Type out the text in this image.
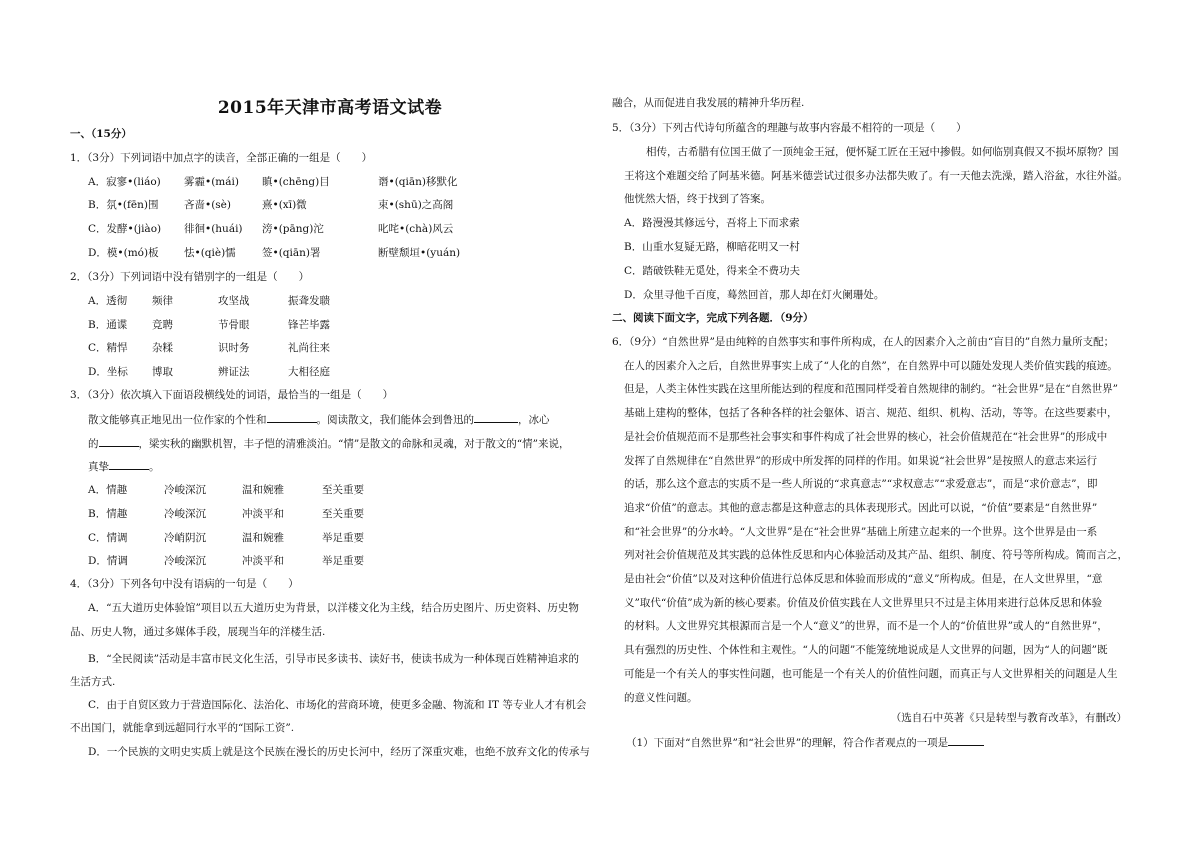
2015年天津市高考语文试卷
一、（15分）
1．（3分）下列词语中加点字的读音，全部正确的一组是（　　）
A．寂寥•(liáo) 雾霾•(mái) 瞋•(chēng)目	谮•(qiān)移默化
B．氛•(fēn)围 吝啬•(sè)	熹•(xī)微	束•(shū)之高阁
C．发酵•(jiào) 徘徊•(huái) 滂•(pāng)沱	叱咤•(chà)风云
D．模•(mó)板 怯•(qiè)懦	签•(qiān)署	断壁颓垣•(yuán)
2．（3分）下列词语中没有错别字的一组是（　　）
A．透彻 频律	攻坚战	振聋发聩
B．通谍 竞聘	节骨眼	锋芒毕露
C．精悍 杂糅	识时务	礼尚往来
D．坐标 博取	辨证法	大相径庭
3．（3分）依次填入下面语段横线处的词语，最恰当的一组是（　　）
散文能够真正地见出一位作家的个性和	。阅读散文，我们能体会到鲁迅的	，冰心
的	，梁实秋的幽默机智，丰子恺的清雅淡泊。“情”是散文的命脉和灵魂，对于散文的“情”来说，
真挚	。
A．情趣	冷峻深沉	温和婉雅	至关重要
B．情趣	冷峻深沉	冲淡平和	至关重要
C．情调	冷峭阴沉	温和婉雅	举足重要
D．情调	冷峻深沉	冲淡平和	举足重要
4．（3分）下列各句中没有语病的一句是（　　）
A．“五大道历史体验馆”项目以五大道历史为背景，以洋楼文化为主线，结合历史图片、历史资料、历史物
品、历史人物，通过多媒体手段，展现当年的洋楼生活.
B．“全民阅读”活动是丰富市民文化生活，引导市民多读书、读好书，使读书成为一种体现百姓精神追求的
生活方式.
C．由于自贸区致力于营造国际化、法治化、市场化的营商环境，使更多金融、物流和 IT 等专业人才有机会
不出国门，就能拿到远超同行水平的“国际工资”.
D．一个民族的文明史实质上就是这个民族在漫长的历史长河中，经历了深重灾难，也绝不放弃文化的传承与
融合，从而促进自我发展的精神升华历程.
5．（3分）下列古代诗句所蕴含的理趣与故事内容最不相符的一项是（　　）
相传，古希腊有位国王做了一顶纯金王冠，便怀疑工匠在王冠中掺假。如何临别真假又不损坏原物？国
王将这个难题交给了阿基米德。阿基米德尝试过很多办法都失败了。有一天他去洗澡，踏入浴盆，水往外溢。
他恍然大悟，终于找到了答案。
A．路漫漫其修远兮，吾将上下而求索
B．山重水复疑无路，柳暗花明又一村
C．踏破铁鞋无觅处，得来全不费功夫
D．众里寻他千百度，蓦然回首，那人却在灯火阑珊处。
二、阅读下面文字，完成下列各题．（9分）
6．（9分）“自然世界”是由纯粹的自然事实和事件所构成，在人的因素介入之前由“盲目的”自然力量所支配；
在人的因素介入之后，自然世界事实上成了“人化的自然”，在自然界中可以随处发现人类价值实践的痕迹。
但是，人类主体性实践在这里所能达到的程度和范围同样受着自然规律的制约。“社会世界”是在“自然世界”
基础上建构的整体，包括了各种各样的社会躯体、语言、规范、组织、机构、活动，等等。在这些要素中，
是社会价值规范而不是那些社会事实和事件构成了社会世界的核心，社会价值规范在“社会世界”的形成中
发挥了自然规律在“自然世界”的形成中所发挥的同样的作用。如果说“社会世界”是按照人的意志来运行
的话，那么这个意志的实质不是一些人所说的“求真意志”“求权意志”“求爱意志”，而是“求价意志”，即
追求“价值”的意志。其他的意志都是这种意志的具体表现形式。因此可以说，“价值”要素是“自然世界”
和“社会世界”的分水岭。“人文世界”是在“社会世界”基础上所建立起来的一个世界。这个世界是由一系
列对社会价值规范及其实践的总体性反思和内心体验活动及其产品、组织、制度、符号等所构成。简而言之，
是由社会“价值”以及对这种价值进行总体反思和体验而形成的“意义”所构成。但是，在人文世界里，“意
义”取代“价值”成为新的核心要素。价值及价值实践在人文世界里只不过是主体用来进行总体反思和体验
的材料。人文世界究其根源而言是一个人“意义”的世界，而不是一个人的“价值世界”或人的“自然世界”，
具有强烈的历史性、个体性和主观性。“人的问题”不能笼统地说成是人文世界的问题，因为“人的问题”既
可能是一个有关人的事实性问题，也可能是一个有关人的价值性问题，而真正与人文世界相关的问题是人生
的意义性问题。
（选自石中英著《只是转型与教育改革》，有删改）
（1）下面对“自然世界”和“社会世界”的理解，符合作者观点的一项是
